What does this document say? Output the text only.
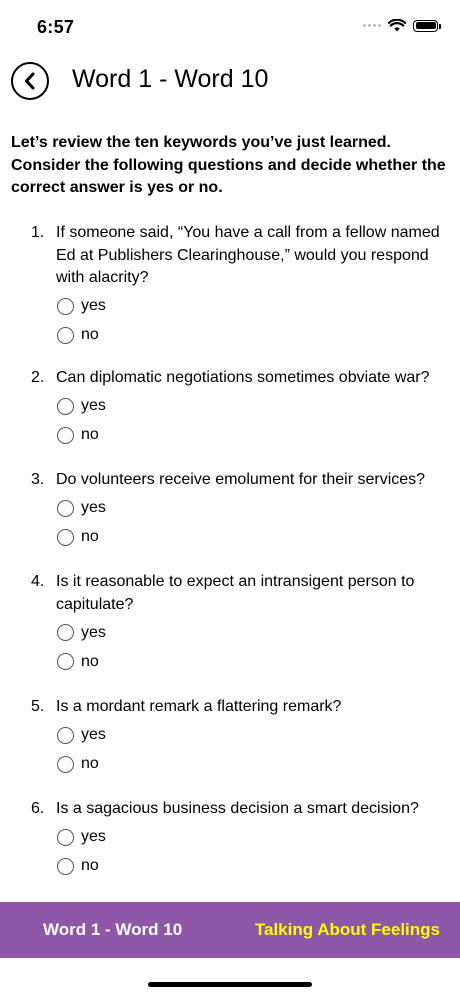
6:57
Word 1 - Word 10

Let’s review the ten keywords you’ve just learned. Consider the following questions and decide whether the correct answer is yes or no.

1. If someone said, “You have a call from a fellow named Ed at Publishers Clearinghouse,” would you respond with alacrity?
yes
no
2. Can diplomatic negotiations sometimes obviate war?
yes
no
3. Do volunteers receive emolument for their services?
yes
no
4. Is it reasonable to expect an intransigent person to capitulate?
yes
no
5. Is a mordant remark a flattering remark?
yes
no
6. Is a sagacious business decision a smart decision?
yes
no
Word 1 - Word 10	Talking About Feelings
